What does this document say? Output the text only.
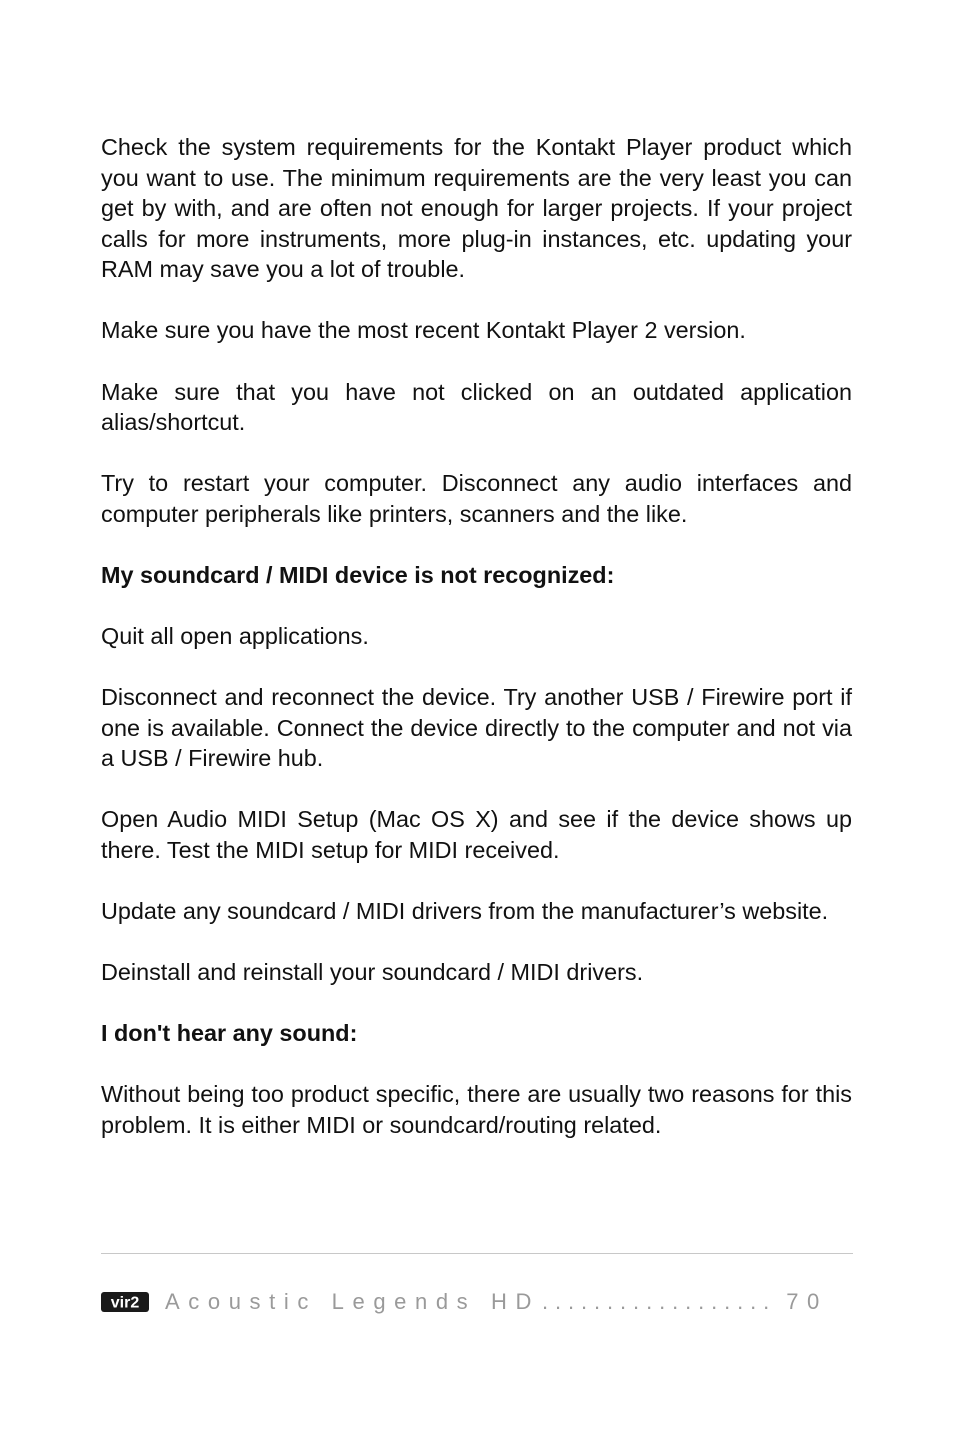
Check the system requirements for the Kontakt Player product which you want to use. The minimum requirements are the very least you can get by with, and are often not enough for larger projects. If your project calls for more instruments, more plug-in instances, etc. updating your RAM may save you a lot of trouble.

Make sure you have the most recent Kontakt Player 2 version.

Make sure that you have not clicked on an outdated application alias/shortcut.

Try to restart your computer. Disconnect any audio interfaces and computer peripherals like printers, scanners and the like.

My soundcard / MIDI device is not recognized:

Quit all open applications.

Disconnect and reconnect the device. Try another USB / Firewire port if one is available. Connect the device directly to the computer and not via a USB / Firewire hub.

Open Audio MIDI Setup (Mac OS X) and see if the device shows up there. Test the MIDI setup for MIDI received.

Update any soundcard / MIDI drivers from the manufacturer’s website.

Deinstall and reinstall your soundcard / MIDI drivers.

I don't hear any sound:

Without being too product specific, there are usually two reasons for this problem. It is either MIDI or soundcard/routing related.

vir2 Acoustic Legends HD .................. 70
